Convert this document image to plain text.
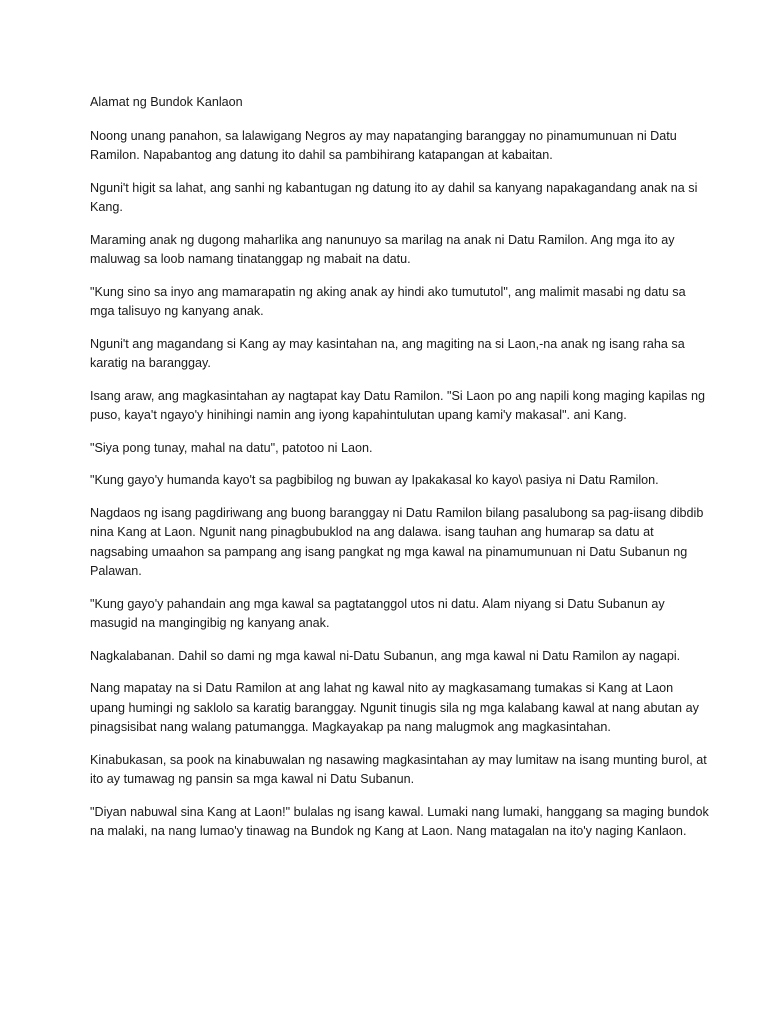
Alamat ng Bundok Kanlaon

Noong unang panahon, sa lalawigang Negros ay may napatanging baranggay no pinamumunuan ni Datu Ramilon. Napabantog ang datung ito dahil sa pambihirang katapangan at kabaitan.

Nguni't higit sa lahat, ang sanhi ng kabantugan ng datung ito ay dahil sa kanyang napakagandang anak na si Kang.

Maraming anak ng dugong maharlika ang nanunuyo sa marilag na anak ni Datu Ramilon. Ang mga ito ay maluwag sa loob namang tinatanggap ng mabait na datu.

"Kung sino sa inyo ang mamarapatin ng aking anak ay hindi ako tumututol", ang malimit masabi ng datu sa mga talisuyo ng kanyang anak.

Nguni't ang magandang si Kang ay may kasintahan na, ang magiting na si Laon,-na anak ng isang raha sa karatig na baranggay.

Isang araw, ang magkasintahan ay nagtapat kay Datu Ramilon. "Si Laon po ang napili kong maging kapilas ng puso, kaya't ngayo'y hinihingi namin ang iyong kapahintulutan upang kami'y makasal". ani Kang.

"Siya pong tunay, mahal na datu", patotoo ni Laon.

"Kung gayo'y humanda kayo't sa pagbibilog ng buwan ay Ipakakasal ko kayo\ pasiya ni Datu Ramilon.

Nagdaos ng isang pagdiriwang ang buong baranggay ni Datu Ramilon bilang pasalubong sa pag-iisang dibdib nina Kang at Laon. Ngunit nang pinagbubuklod na ang dalawa. isang tauhan ang humarap sa datu at nagsabing umaahon sa pampang ang isang pangkat ng mga kawal na pinamumunuan ni Datu Subanun ng Palawan.

"Kung gayo'y pahandain ang mga kawal sa pagtatanggol utos ni datu. Alam niyang si Datu Subanun ay masugid na mangingibig ng kanyang anak.

Nagkalabanan. Dahil so dami ng mga kawal ni-Datu Subanun, ang mga kawal ni Datu Ramilon ay nagapi.

Nang mapatay na si Datu Ramilon at ang lahat ng kawal nito ay magkasamang tumakas si Kang at Laon upang humingi ng saklolo sa karatig baranggay. Ngunit tinugis sila ng mga kalabang kawal at nang abutan ay pinagsisibat nang walang patumangga. Magkayakap pa nang malugmok ang magkasintahan.

Kinabukasan, sa pook na kinabuwalan ng nasawing magkasintahan ay may lumitaw na isang munting burol, at ito ay tumawag ng pansin sa mga kawal ni Datu Subanun.

"Diyan nabuwal sina Kang at Laon!" bulalas ng isang kawal. Lumaki nang lumaki, hanggang sa maging bundok na malaki, na nang lumao'y tinawag na Bundok ng Kang at Laon. Nang matagalan na ito'y naging Kanlaon.
